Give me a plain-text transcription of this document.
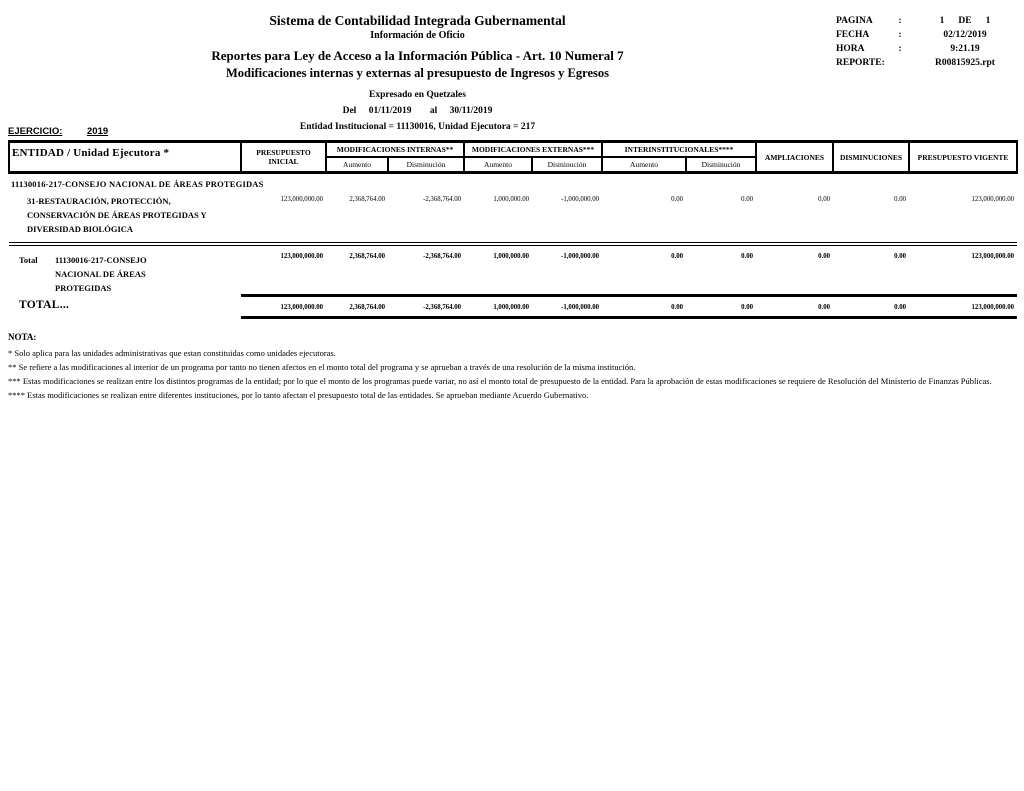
Sistema de Contabilidad Integrada Gubernamental
Información de Oficio
Reportes para Ley de Acceso a la Información Pública - Art. 10 Numeral 7
Modificaciones internas y externas al presupuesto de Ingresos y Egresos
Expresado en Quetzales
Del 01/11/2019 al 30/11/2019
Entidad Institucional = 11130016, Unidad Ejecutora = 217
PAGINA	:	1 DE 1
FECHA	:	02/12/2019
HORA	:	9:21.19
REPORTE:	R00815925.rpt
EJERCICIO:	2019
ENTIDAD / Unidad Ejecutora *	PRESUPUESTO INICIAL	MODIFICACIONES INTERNAS**		MODIFICACIONES EXTERNAS***		INTERINSTITUCIONALES****		AMPLIACIONES	DISMINUCIONES	PRESUPUESTO VIGENTE
		Aumento	Disminución	Aumento	Disminución	Aumento	Disminución			
11130016-217-CONSEJO NACIONAL DE ÁREAS PROTEGIDAS										

31-RESTAURACIÓN, PROTECCIÓN, CONSERVACIÓN DE ÁREAS PROTEGIDAS Y DIVERSIDAD BIOLÓGICA	123,000,000.00	2,368,764.00	-2,368,764.00	1,000,000.00	-1,000,000.00	0.00	0.00	0.00	0.00	123,000,000.00

Total 11130016-217-CONSEJO NACIONAL DE ÁREAS PROTEGIDAS	123,000,000.00	2,368,764.00	-2,368,764.00	1,000,000.00	-1,000,000.00	0.00	0.00	0.00	0.00	123,000,000.00
TOTAL...	123,000,000.00	2,368,764.00	-2,368,764.00	1,000,000.00	-1,000,000.00	0.00	0.00	0.00	0.00	123,000,000.00
NOTA:
* Solo aplica para las unidades administrativas que estan constituidas como unidades ejecutoras.
** Se refiere a las modificaciones al interior de un programa por tanto no tienen afectos en el monto total del programa y se aprueban a través de una resolución de la misma institución.
*** Estas modificaciones se realizan entre los distintos programas de la entidad; por lo que el monto de los programas puede variar, no así el monto total de presupuesto de la entidad. Para la aprobación de estas modificaciones se requiere de Resolución del Ministerio de Finanzas Públicas.
**** Estas modificaciones se realizan entre diferentes instituciones, por lo tanto afectan el presupuesto total de las entidades. Se aprueban mediante Acuerdo Gubernativo.
